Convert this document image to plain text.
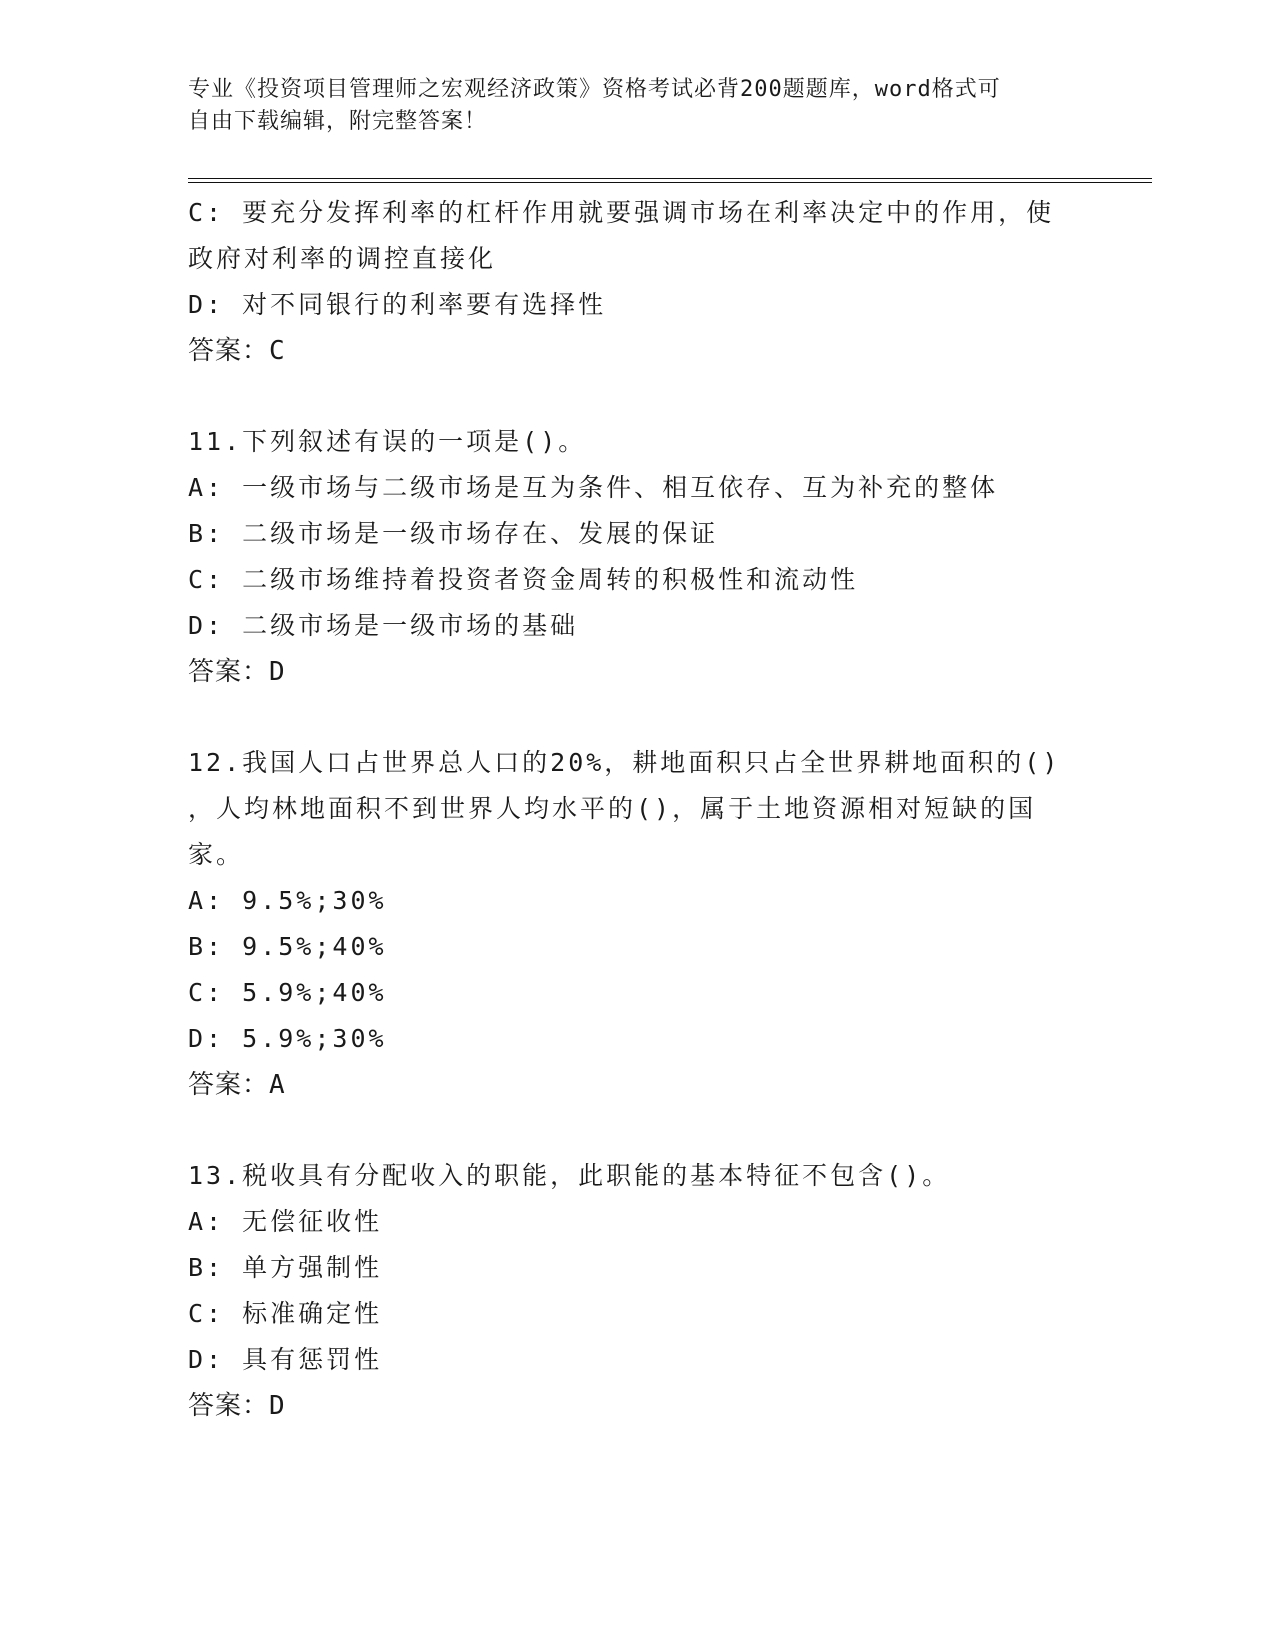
专业《投资项目管理师之宏观经济政策》资格考试必背200题题库，word格式可
自由下载编辑，附完整答案！
C: 要充分发挥利率的杠杆作用就要强调市场在利率决定中的作用，使
政府对利率的调控直接化
D: 对不同银行的利率要有选择性
答案：C
11.下列叙述有误的一项是()。
A: 一级市场与二级市场是互为条件、相互依存、互为补充的整体
B: 二级市场是一级市场存在、发展的保证
C: 二级市场维持着投资者资金周转的积极性和流动性
D: 二级市场是一级市场的基础
答案：D
12.我国人口占世界总人口的20%，耕地面积只占全世界耕地面积的()
，人均林地面积不到世界人均水平的()，属于土地资源相对短缺的国
家。
A: 9.5%;30%
B: 9.5%;40%
C: 5.9%;40%
D: 5.9%;30%
答案：A
13.税收具有分配收入的职能，此职能的基本特征不包含()。
A: 无偿征收性
B: 单方强制性
C: 标准确定性
D: 具有惩罚性
答案：D
